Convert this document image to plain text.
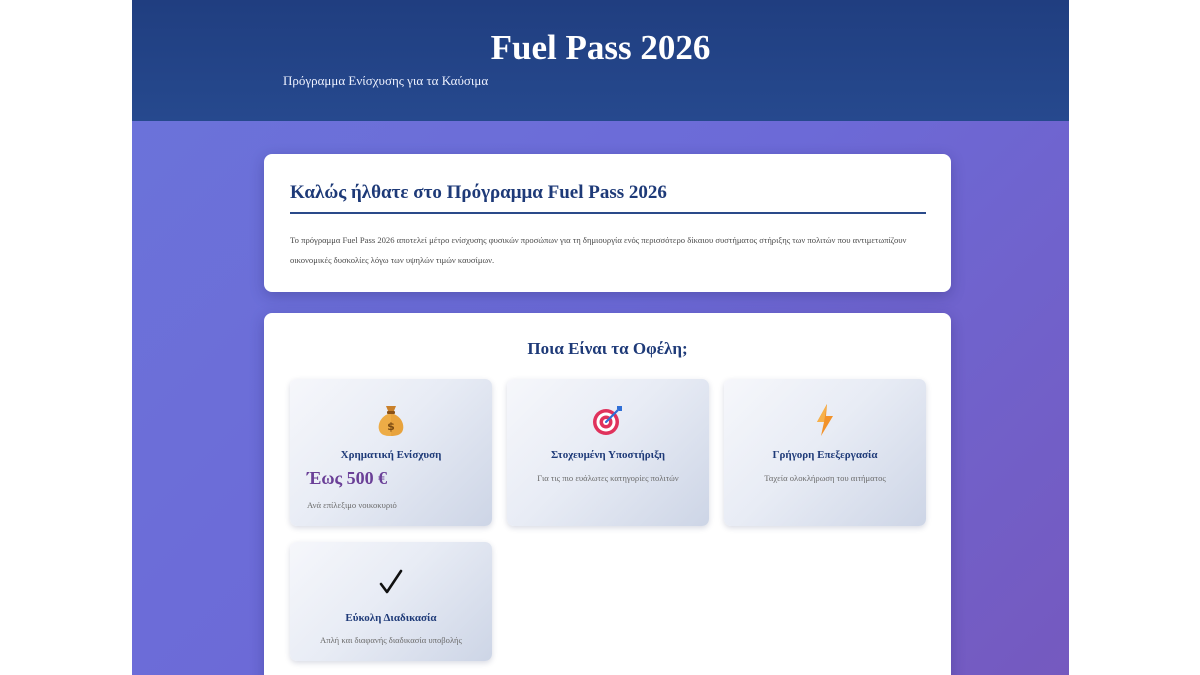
Fuel Pass 2026

Πρόγραμμα Ενίσχυσης για τα Καύσιμα

Καλώς ήλθατε στο Πρόγραμμα Fuel Pass 2026

Το πρόγραμμα Fuel Pass 2026 αποτελεί μέτρο ενίσχυσης φυσικών προσώπων για τη δημιουργία ενός περισσότερο δίκαιου συστήματος στήριξης των πολιτών που αντιμετωπίζουν οικονομικές δυσκολίες λόγω των υψηλών τιμών καυσίμων.

Ποια Είναι τα Οφέλη;
$

Χρηματική Ενίσχυση

Έως 500 €

Ανά επίλεξιμο νοικοκυριό

Στοχευμένη Υποστήριξη

Για τις πιο ευάλωτες κατηγορίες πολιτών

Γρήγορη Επεξεργασία

Ταχεία ολοκλήρωση του αιτήματος

Εύκολη Διαδικασία

Απλή και διαφανής διαδικασία υποβολής
